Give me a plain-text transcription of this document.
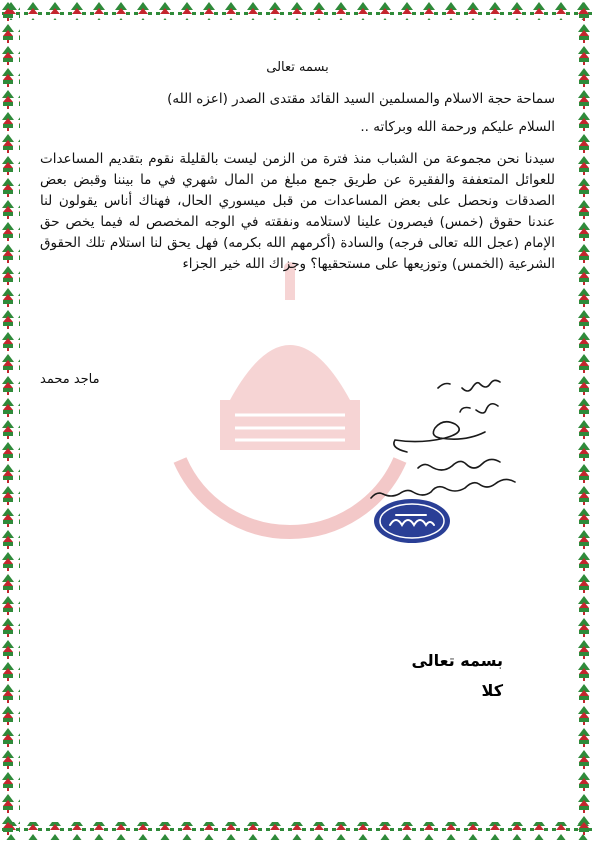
بسمه تعالى
سماحة حجة الاسلام والمسلمين السيد القائد مقتدى الصدر (اعزه الله)
السلام عليكم ورحمة الله وبركاته ..

سيدنا نحن مجموعة من الشباب منذ فترة من الزمن ليست بالقليلة نقوم بتقديم المساعدات للعوائل المتعففة والفقيرة عن طريق جمع مبلغ من المال شهري في ما بيننا وقبض بعض الصدقات ونحصل على بعض المساعدات من قبل ميسوري الحال، فهناك أناس يقولون لنا عندنا حقوق (خمس) فيصرون علينا لاستلامه ونفقته في الوجه المخصص له فيما يخص حق الإمام (عجل الله تعالى فرجه) والسادة (أكرمهم الله بكرمه) فهل يحق لنا استلام تلك الحقوق الشرعية (الخمس) وتوزيعها على مستحقيها؟ وجزاك الله خير الجزاء

ماجد محمد
بسمه تعالى
كلا
